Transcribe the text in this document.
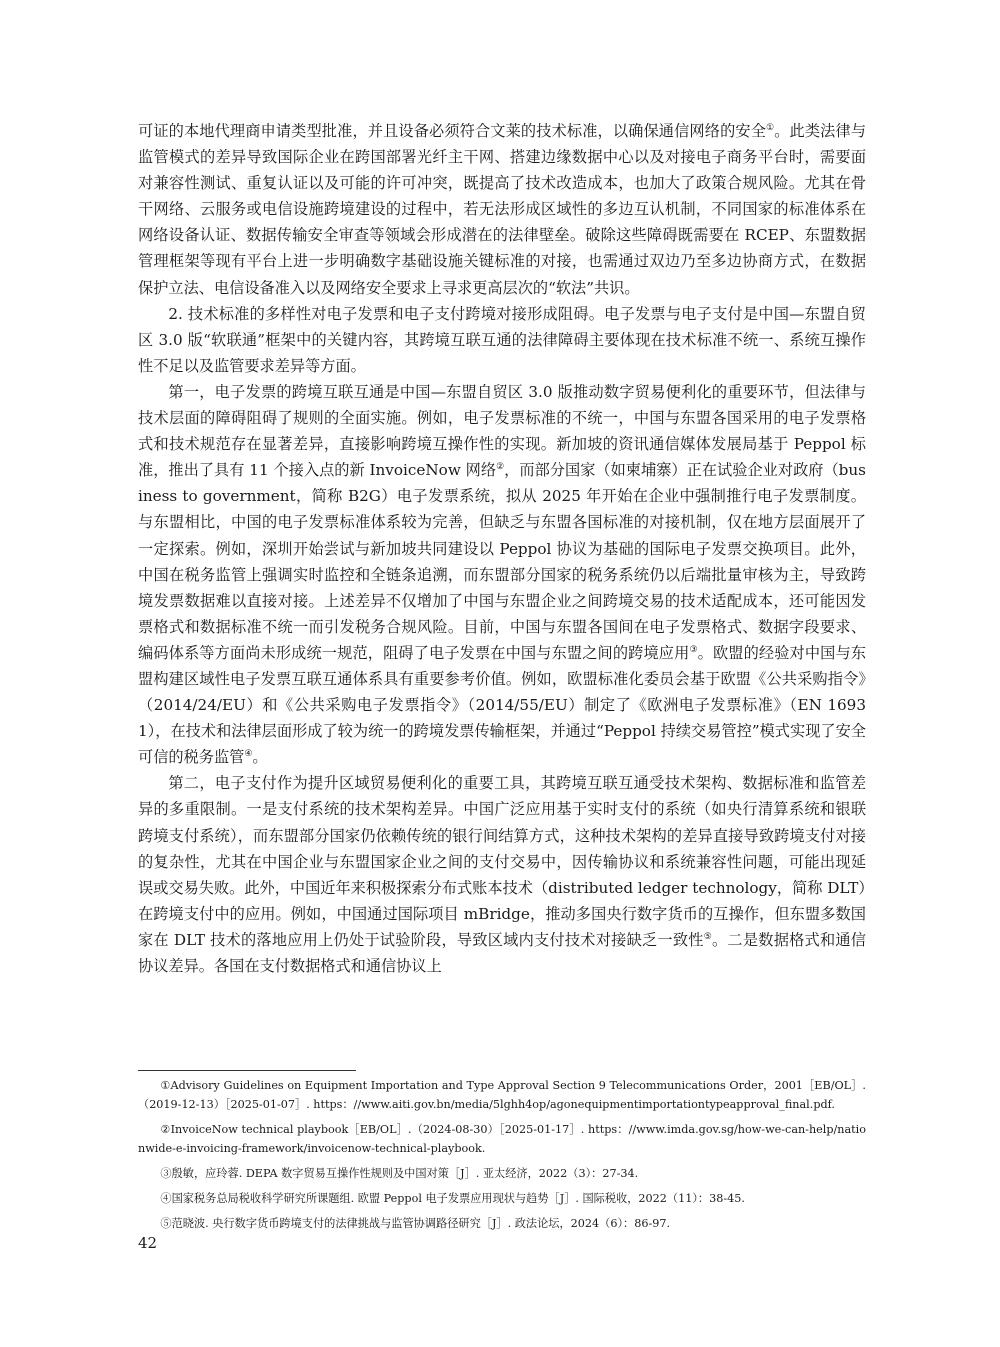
可证的本地代理商申请类型批准，并且设备必须符合文莱的技术标准，以确保通信网络的安全①。此类法律与监管模式的差异导致国际企业在跨国部署光纤主干网、搭建边缘数据中心以及对接电子商务平台时，需要面对兼容性测试、重复认证以及可能的许可冲突，既提高了技术改造成本，也加大了政策合规风险。尤其在骨干网络、云服务或电信设施跨境建设的过程中，若无法形成区域性的多边互认机制，不同国家的标准体系在网络设备认证、数据传输安全审查等领域会形成潜在的法律壁垒。破除这些障碍既需要在 RCEP、东盟数据管理框架等现有平台上进一步明确数字基础设施关键标准的对接，也需通过双边乃至多边协商方式，在数据保护立法、电信设备准入以及网络安全要求上寻求更高层次的“软法”共识。

2. 技术标准的多样性对电子发票和电子支付跨境对接形成阻碍。电子发票与电子支付是中国—东盟自贸区 3.0 版“软联通”框架中的关键内容，其跨境互联互通的法律障碍主要体现在技术标准不统一、系统互操作性不足以及监管要求差异等方面。

第一，电子发票的跨境互联互通是中国—东盟自贸区 3.0 版推动数字贸易便利化的重要环节，但法律与技术层面的障碍阻碍了规则的全面实施。例如，电子发票标准的不统一，中国与东盟各国采用的电子发票格式和技术规范存在显著差异，直接影响跨境互操作性的实现。新加坡的资讯通信媒体发展局基于 Peppol 标准，推出了具有 11 个接入点的新 InvoiceNow 网络②，而部分国家（如柬埔寨）正在试验企业对政府（business to government，简称 B2G）电子发票系统，拟从 2025 年开始在企业中强制推行电子发票制度。与东盟相比，中国的电子发票标准体系较为完善，但缺乏与东盟各国标准的对接机制，仅在地方层面展开了一定探索。例如，深圳开始尝试与新加坡共同建设以 Peppol 协议为基础的国际电子发票交换项目。此外，中国在税务监管上强调实时监控和全链条追溯，而东盟部分国家的税务系统仍以后端批量审核为主，导致跨境发票数据难以直接对接。上述差异不仅增加了中国与东盟企业之间跨境交易的技术适配成本，还可能因发票格式和数据标准不统一而引发税务合规风险。目前，中国与东盟各国间在电子发票格式、数据字段要求、编码体系等方面尚未形成统一规范，阻碍了电子发票在中国与东盟之间的跨境应用③。欧盟的经验对中国与东盟构建区域性电子发票互联互通体系具有重要参考价值。例如，欧盟标准化委员会基于欧盟《公共采购指令》（2014/24/EU）和《公共采购电子发票指令》（2014/55/EU）制定了《欧洲电子发票标准》（EN 16931），在技术和法律层面形成了较为统一的跨境发票传输框架，并通过“Peppol 持续交易管控”模式实现了安全可信的税务监管④。

第二，电子支付作为提升区域贸易便利化的重要工具，其跨境互联互通受技术架构、数据标准和监管差异的多重限制。一是支付系统的技术架构差异。中国广泛应用基于实时支付的系统（如央行清算系统和银联跨境支付系统），而东盟部分国家仍依赖传统的银行间结算方式，这种技术架构的差异直接导致跨境支付对接的复杂性，尤其在中国企业与东盟国家企业之间的支付交易中，因传输协议和系统兼容性问题，可能出现延误或交易失败。此外，中国近年来积极探索分布式账本技术（distributed ledger technology，简称 DLT）在跨境支付中的应用。例如，中国通过国际项目 mBridge，推动多国央行数字货币的互操作，但东盟多数国家在 DLT 技术的落地应用上仍处于试验阶段，导致区域内支付技术对接缺乏一致性⑤。二是数据格式和通信协议差异。各国在支付数据格式和通信协议上

①Advisory Guidelines on Equipment Importation and Type Approval Section 9 Telecommunications Order，2001［EB/OL］.（2019-12-13）［2025-01-07］. https：//www.aiti.gov.bn/media/5lghh4op/agonequipmentimportationtypeapproval_final.pdf.

②InvoiceNow technical playbook［EB/OL］.（2024-08-30）［2025-01-17］. https：//www.imda.gov.sg/how-we-can-help/nationwide-e-invoicing-framework/invoicenow-technical-playbook.

③殷敏，应玲蓉. DEPA 数字贸易互操作性规则及中国对策［J］. 亚太经济，2022（3）：27-34.

④国家税务总局税收科学研究所课题组. 欧盟 Peppol 电子发票应用现状与趋势［J］. 国际税收，2022（11）：38-45.

⑤范晓波. 央行数字货币跨境支付的法律挑战与监管协调路径研究［J］. 政法论坛，2024（6）：86-97.

42
